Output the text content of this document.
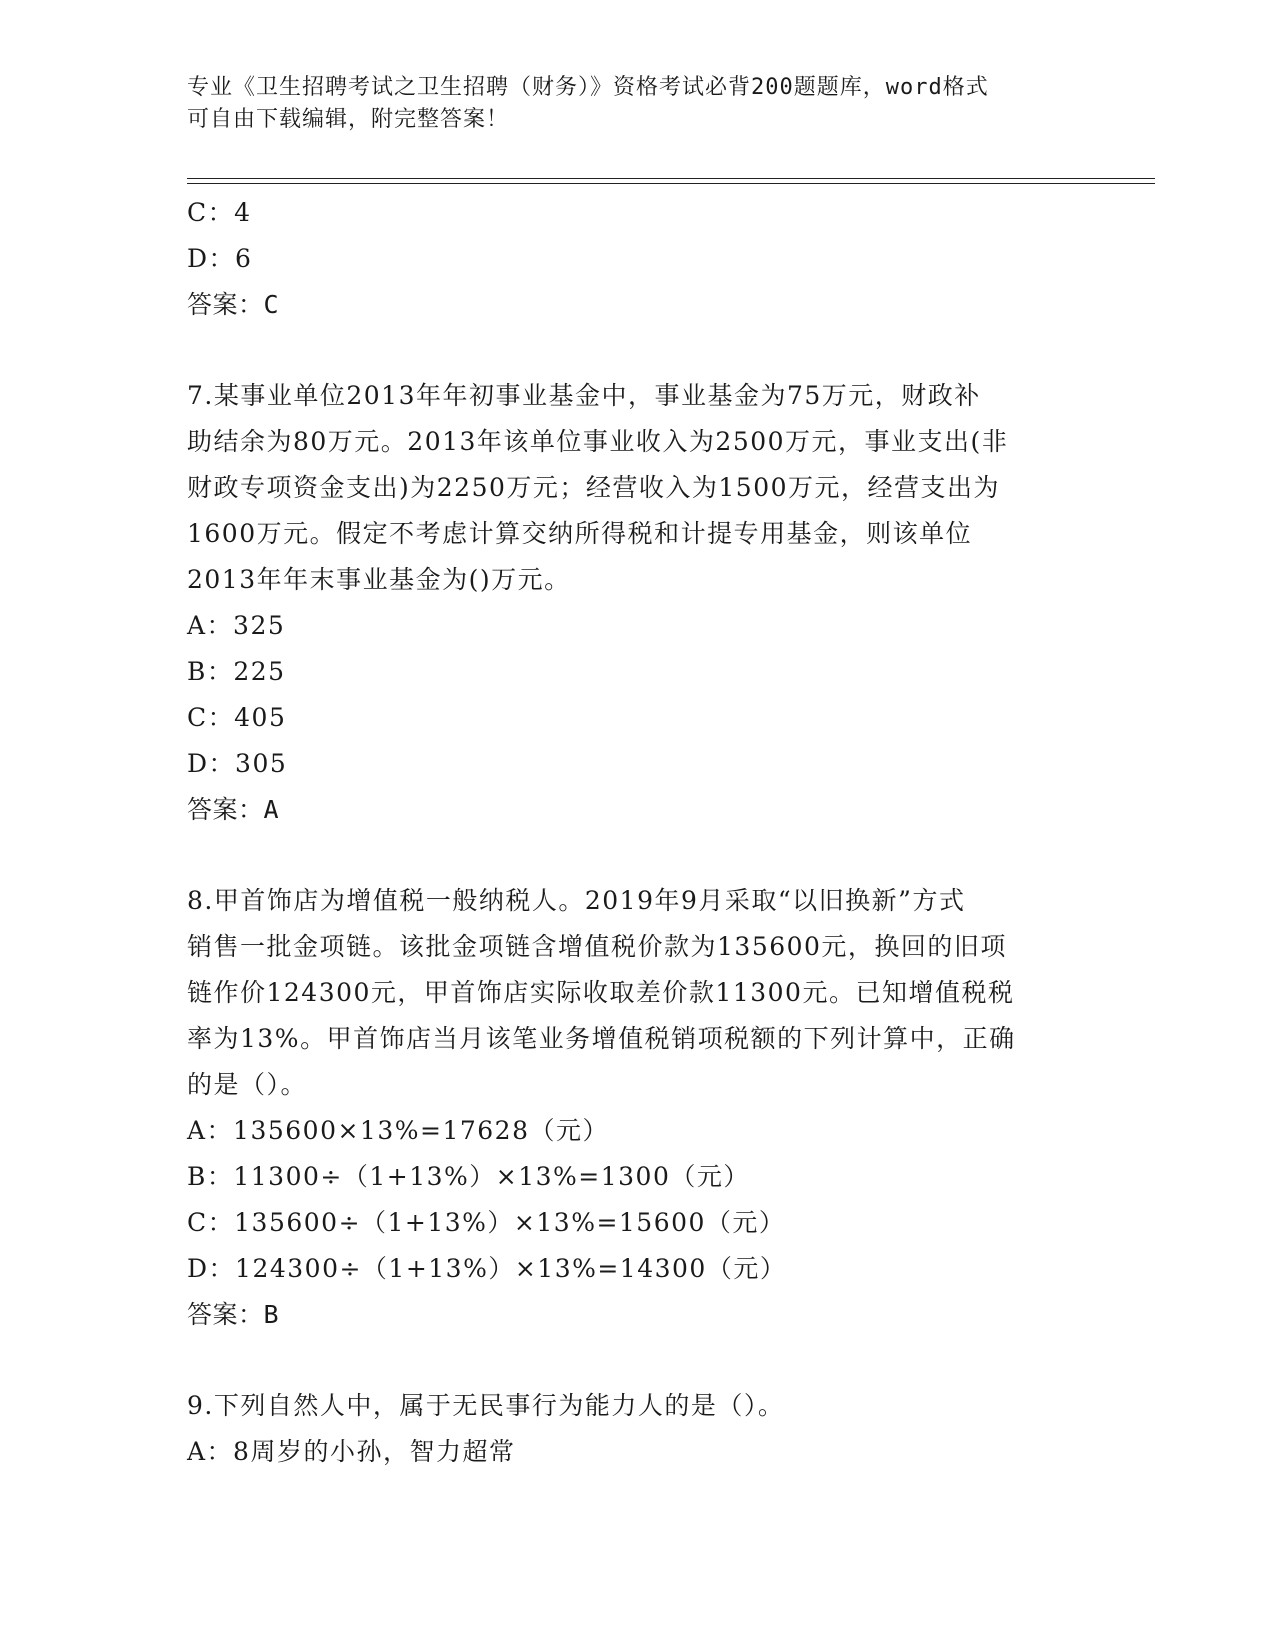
专业《卫生招聘考试之卫生招聘（财务）》资格考试必背200题题库，word格式
可自由下载编辑，附完整答案！
C：4
D：6
答案：C
7.某事业单位2013年年初事业基金中，事业基金为75万元，财政补
助结余为80万元。2013年该单位事业收入为2500万元，事业支出(非
财政专项资金支出)为2250万元；经营收入为1500万元，经营支出为
1600万元。假定不考虑计算交纳所得税和计提专用基金，则该单位
2013年年末事业基金为()万元。
A：325
B：225
C：405
D：305
答案：A
8.甲首饰店为增值税一般纳税人。2019年9月采取“以旧换新”方式
销售一批金项链。该批金项链含增值税价款为135600元，换回的旧项
链作价124300元，甲首饰店实际收取差价款11300元。已知增值税税
率为13%。甲首饰店当月该笔业务增值税销项税额的下列计算中，正确
的是（）。
A：135600×13%=17628（元）
B：11300÷（1+13%）×13%=1300（元）
C：135600÷（1+13%）×13%=15600（元）
D：124300÷（1+13%）×13%=14300（元）
答案：B
9.下列自然人中，属于无民事行为能力人的是（）。
A：8周岁的小孙，智力超常
